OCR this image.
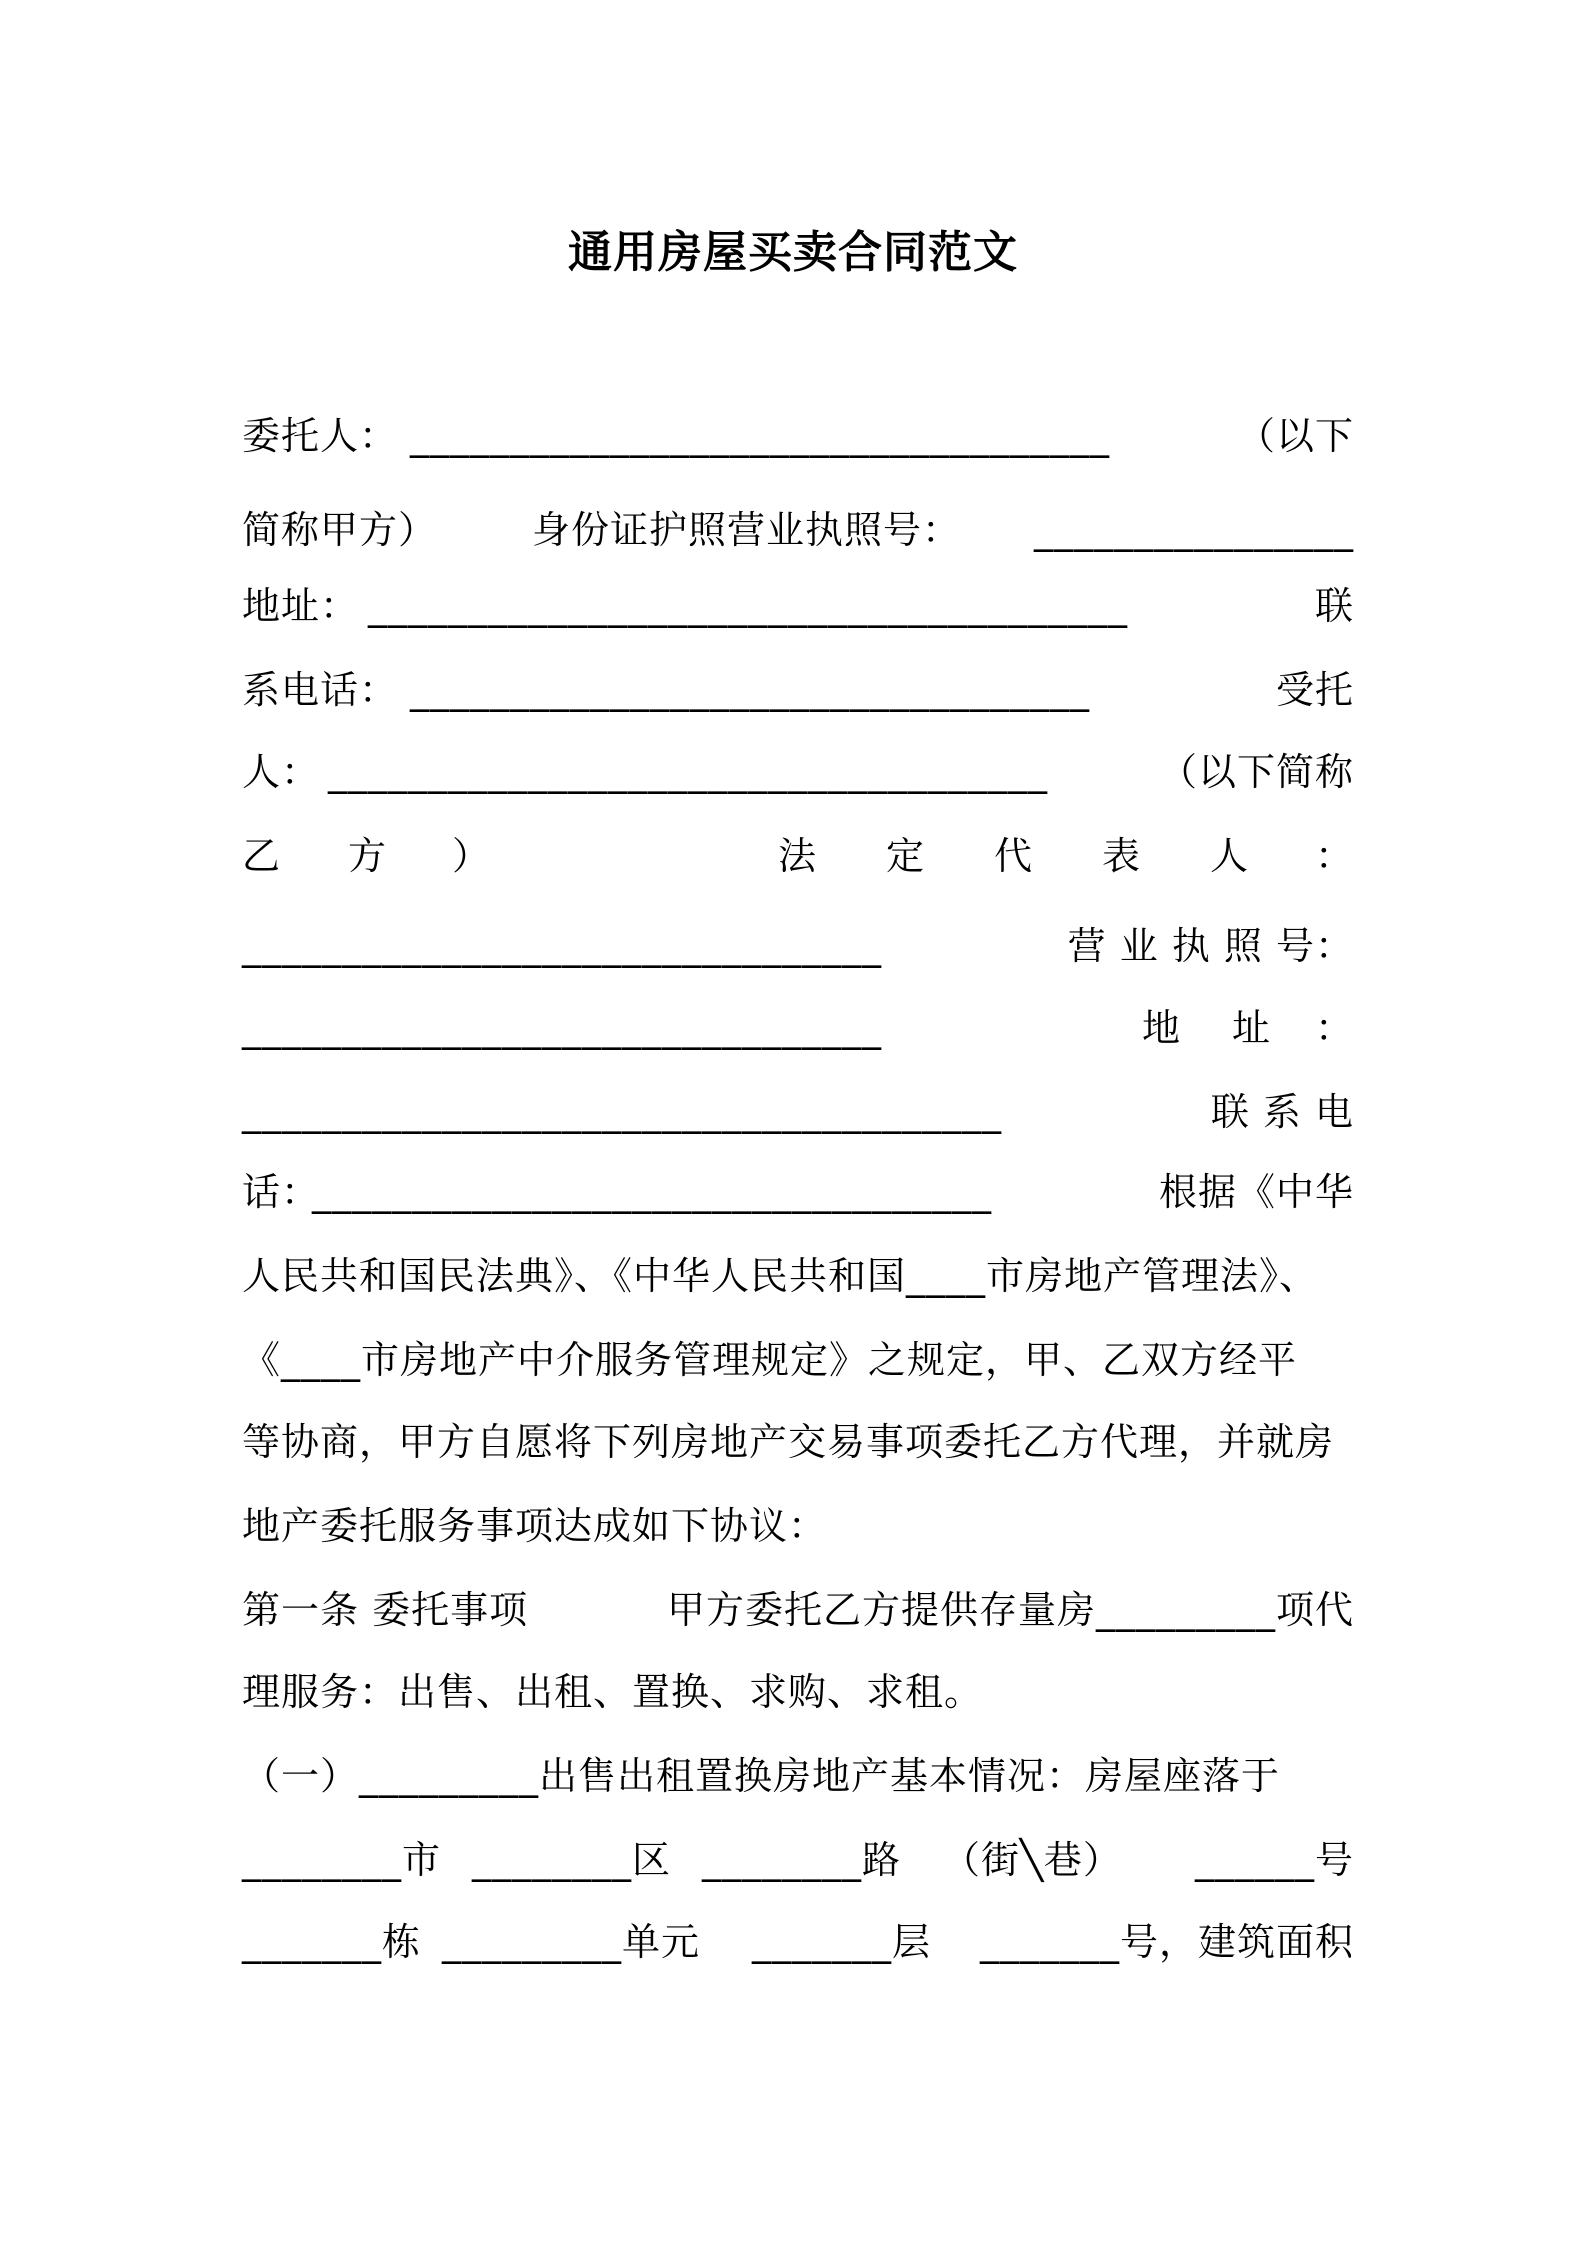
通用房屋买卖合同范文
委托人： ___________________________________	（以下
简称甲方） 身份证护照营业执照号： ________________
地址： ______________________________________	联
系电话： __________________________________	受托
人： ____________________________________	（以下简称
乙 方 ）	法 定 代 表 人 ：
________________________________	营 业 执 照 号：
________________________________	地 址 ：
______________________________________	联 系 电
话：
__________________________________	根据《中华
人民共和国民法典》、《中华人民共和国____市房地产管理法》、
《____市房地产中介服务管理规定》之规定，甲、乙双方经平
等协商，甲方自愿将下列房地产交易事项委托乙方代理，并就房
地产委托服务事项达成如下协议：
第一条 委托事项	甲方委托乙方提供存量房_________项代
理服务：出售、出租、置换、求购、求租。
（一）_________出售出租置换房地产基本情况：房屋座落于
________市 ________区 ________路 （街╲巷） ______号
_______栋 _________单元 _______层 _______号，建筑面积
